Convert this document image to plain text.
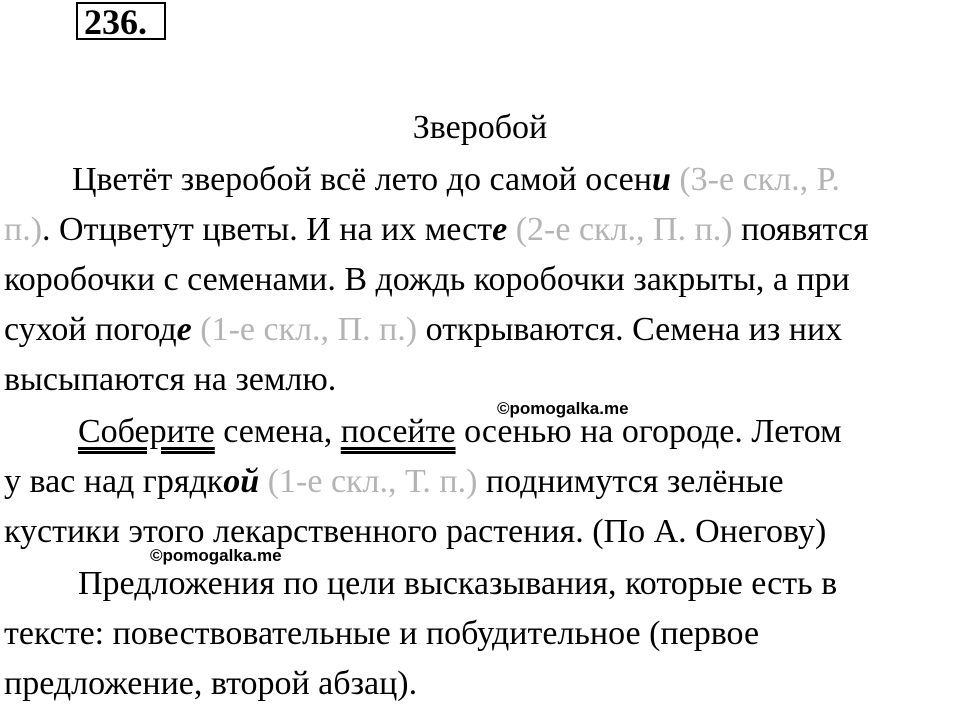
236.
Зверобой
Цветёт зверобой всё лето до самой осени (3-е скл., Р.
п.). Отцветут цветы. И на их месте (2-е скл., П. п.) появятся
коробочки с семенами. В дождь коробочки закрыты, а при
сухой погоде (1-е скл., П. п.) открываются. Семена из них
высыпаются на землю.
Соберите семена, посейте осенью на огороде. Летом
у вас над грядкой (1-е скл., Т. п.) поднимутся зелёные
кустики этого лекарственного растения. (По А. Онегову)
Предложения по цели высказывания, которые есть в
тексте: повествовательные и побудительное (первое
предложение, второй абзац).
©pomogalka.me
©pomogalka.me
